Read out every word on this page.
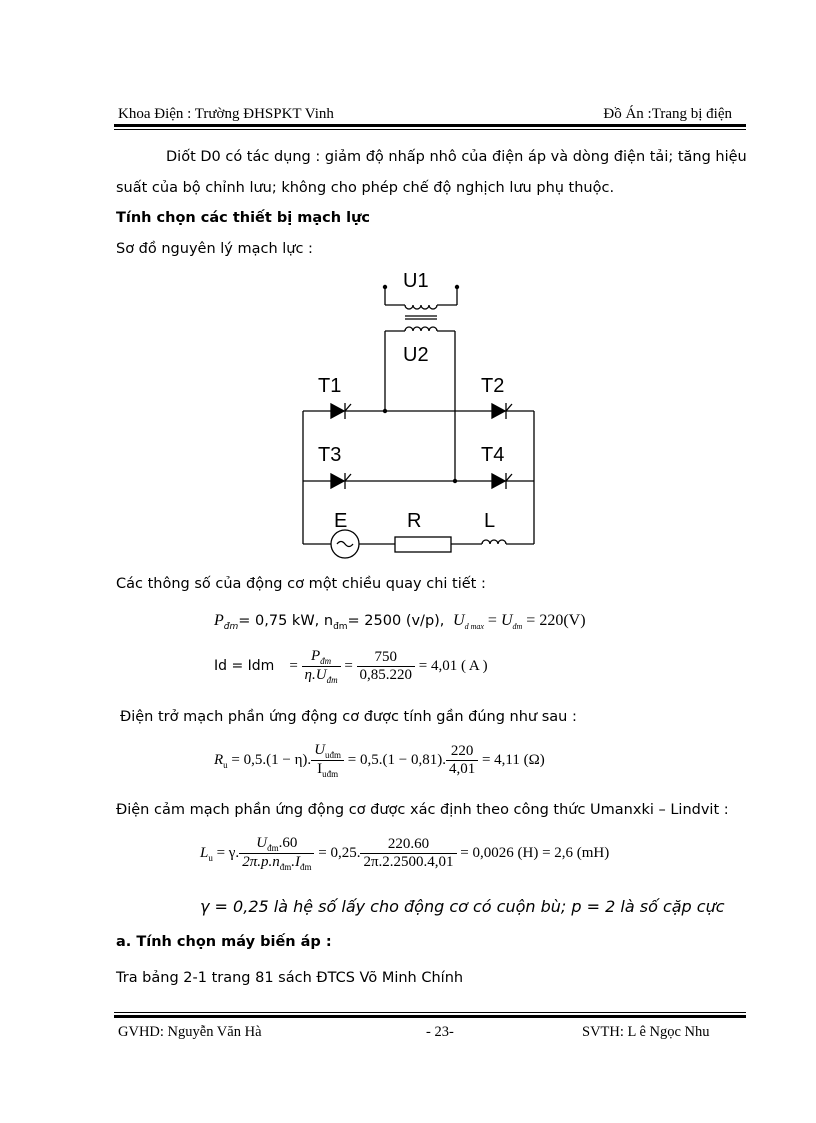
Khoa Điện : Trường ĐHSPKT Vinh	Đồ Án :Trang bị điện
Diốt D0 có tác dụng : giảm độ nhấp nhô của điện áp và dòng điện tải; tăng hiệu
suất của bộ chỉnh lưu; không cho phép chế độ nghịch lưu phụ thuộc.
Tính chọn các thiết bị mạch lực
Sơ đồ nguyên lý mạch lực :
U1
U2
T1	T2
T3	T4
E	R	L
Các thông số của động cơ một chiều quay chi tiết :
$P_{đm}= 0,75$ kW, $n_{đm}= 2500$ (v/p), $U_{d max} = U_{đm} = 220(V)$
Id = Idm = $\frac{P_{đm}}{\eta.U_{đm}} = \frac{750}{0,85.220} = 4,01$ ( A )
Điện trở mạch phần ứng động cơ được tính gần đúng như sau :
$R_u = 0,5.(1 - \eta)$. $\frac{U_{uđm}}{I_{uđm}} = 0,5.(1 - 0,81)$. $\frac{220}{4,01} = 4,11$ (Ω)
Điện cảm mạch phần ứng động cơ được xác định theo công thức Umanxki – Lindvit :
$L_u = \gamma$. $\frac{U_{đm}.60}{2\pi.p.n_{đm}.I_{đm}} = 0,25$. $\frac{220.60}{2\pi.2.2500.4,01} = 0,0026$ (H) = 2,6 (mH)
γ = 0,25 là hệ số lấy cho động cơ có cuộn bù; p = 2 là số cặp cực
a. Tính chọn máy biến áp :
Tra bảng 2-1 trang 81 sách ĐTCS Võ Minh Chính
GVHD: Nguyễn Văn Hà	- 23-	SVTH: L ê Ngọc Nhu
